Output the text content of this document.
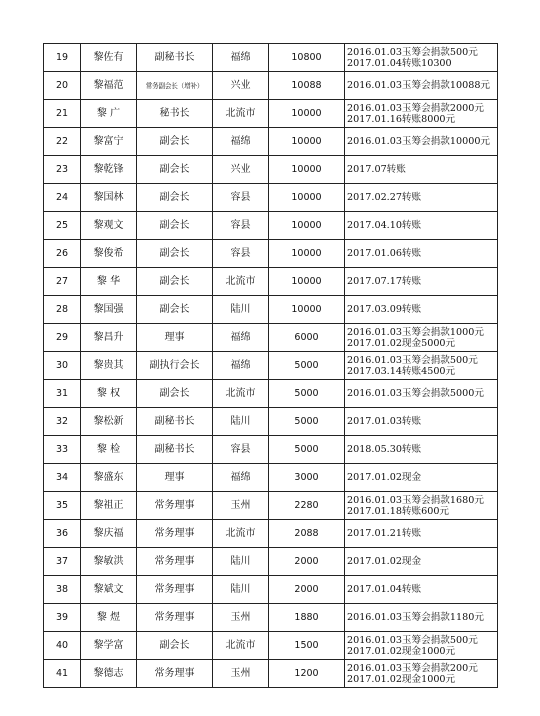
19	黎佐有	副秘书长	福绵	10800	2016.01.03玉筹会捐款500元
2017.01.04转账10300

20	黎福范	常务副会长（增补）	兴业	10088	2016.01.03玉筹会捐款10088元

21	黎 广	秘书长	北流市	10000	2016.01.03玉筹会捐款2000元
2017.01.16转账8000元

22	黎富宁	副会长	福绵	10000	2016.01.03玉筹会捐款10000元

23	黎乾锋	副会长	兴业	10000	2017.07转账

24	黎国林	副会长	容县	10000	2017.02.27转账

25	黎观文	副会长	容县	10000	2017.04.10转账

26	黎俊希	副会长	容县	10000	2017.01.06转账

27	黎 华	副会长	北流市	10000	2017.07.17转账

28	黎国强	副会长	陆川	10000	2017.03.09转账

29	黎昌升	理事	福绵	6000	2016.01.03玉筹会捐款1000元
2017.01.02现金5000元

30	黎贵其	副执行会长	福绵	5000	2016.01.03玉筹会捐款500元
2017.03.14转账4500元

31	黎 权	副会长	北流市	5000	2016.01.03玉筹会捐款5000元

32	黎松新	副秘书长	陆川	5000	2017.01.03转账

33	黎 检	副秘书长	容县	5000	2018.05.30转账

34	黎盛东	理事	福绵	3000	2017.01.02现金

35	黎祖正	常务理事	玉州	2280	2016.01.03玉筹会捐款1680元
2017.01.18转账600元

36	黎庆福	常务理事	北流市	2088	2017.01.21转账

37	黎敏洪	常务理事	陆川	2000	2017.01.02现金

38	黎斌文	常务理事	陆川	2000	2017.01.04转账

39	黎 煜	常务理事	玉州	1880	2016.01.03玉筹会捐款1180元

40	黎学富	副会长	北流市	1500	2016.01.03玉筹会捐款500元
2017.01.02现金1000元

41	黎德志	常务理事	玉州	1200	2016.01.03玉筹会捐款200元
2017.01.02现金1000元
